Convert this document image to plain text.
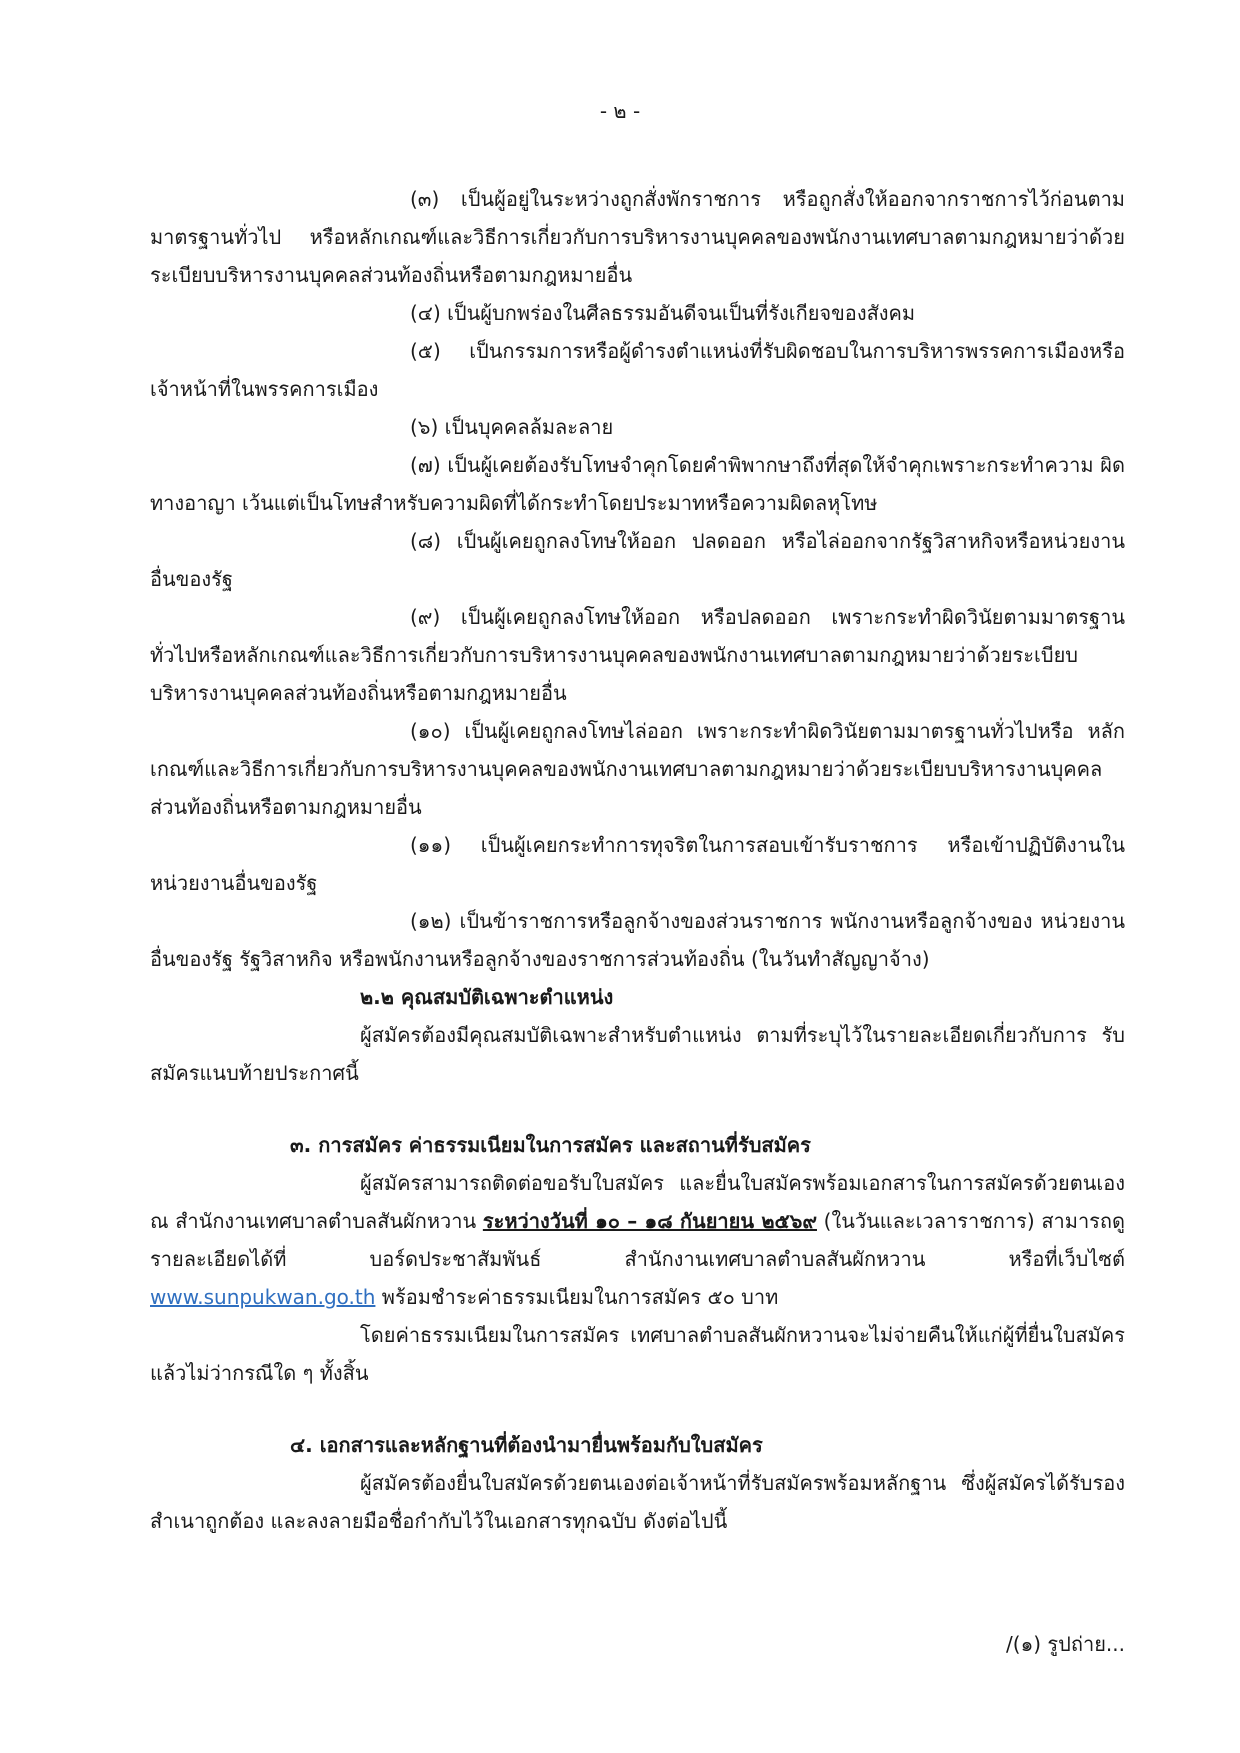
- ๒ -

(๓) เป็นผู้อยู่ในระหว่างถูกสั่งพักราชการ หรือถูกสั่งให้ออกจากราชการไว้ก่อนตาม มาตรฐานทั่วไป หรือหลักเกณฑ์และวิธีการเกี่ยวกับการบริหารงานบุคคลของพนักงานเทศบาลตามกฎหมายว่าด้วยระเบียบบริหารงานบุคคลส่วนท้องถิ่นหรือตามกฎหมายอื่น

(๔) เป็นผู้บกพร่องในศีลธรรมอันดีจนเป็นที่รังเกียจของสังคม

(๕) เป็นกรรมการหรือผู้ดำรงตำแหน่งที่รับผิดชอบในการบริหารพรรคการเมืองหรือ เจ้าหน้าที่ในพรรคการเมือง

(๖) เป็นบุคคลล้มละลาย

(๗) เป็นผู้เคยต้องรับโทษจำคุกโดยคำพิพากษาถึงที่สุดให้จำคุกเพราะกระทำความ ผิดทางอาญา เว้นแต่เป็นโทษสำหรับความผิดที่ได้กระทำโดยประมาทหรือความผิดลหุโทษ

(๘) เป็นผู้เคยถูกลงโทษให้ออก ปลดออก หรือไล่ออกจากรัฐวิสาหกิจหรือหน่วยงาน อื่นของรัฐ

(๙) เป็นผู้เคยถูกลงโทษให้ออก หรือปลดออก เพราะกระทำผิดวินัยตามมาตรฐาน ทั่วไปหรือหลักเกณฑ์และวิธีการเกี่ยวกับการบริหารงานบุคคลของพนักงานเทศบาลตามกฎหมายว่าด้วยระเบียบบริหารงานบุคคลส่วนท้องถิ่นหรือตามกฎหมายอื่น

(๑๐) เป็นผู้เคยถูกลงโทษไล่ออก เพราะกระทำผิดวินัยตามมาตรฐานทั่วไปหรือ หลักเกณฑ์และวิธีการเกี่ยวกับการบริหารงานบุคคลของพนักงานเทศบาลตามกฎหมายว่าด้วยระเบียบบริหารงานบุคคลส่วนท้องถิ่นหรือตามกฎหมายอื่น

(๑๑) เป็นผู้เคยกระทำการทุจริตในการสอบเข้ารับราชการ หรือเข้าปฏิบัติงานใน หน่วยงานอื่นของรัฐ

(๑๒) เป็นข้าราชการหรือลูกจ้างของส่วนราชการ พนักงานหรือลูกจ้างของ หน่วยงานอื่นของรัฐ รัฐวิสาหกิจ หรือพนักงานหรือลูกจ้างของราชการส่วนท้องถิ่น (ในวันทำสัญญาจ้าง)

๒.๒ คุณสมบัติเฉพาะตำแหน่ง

ผู้สมัครต้องมีคุณสมบัติเฉพาะสำหรับตำแหน่ง ตามที่ระบุไว้ในรายละเอียดเกี่ยวกับการ รับสมัครแนบท้ายประกาศนี้

๓. การสมัคร ค่าธรรมเนียมในการสมัคร และสถานที่รับสมัคร

ผู้สมัครสามารถติดต่อขอรับใบสมัคร และยื่นใบสมัครพร้อมเอกสารในการสมัครด้วยตนเอง ณ สำนักงานเทศบาลตำบลสันผักหวาน ระหว่างวันที่ ๑๐ – ๑๘ กันยายน ๒๕๖๙ (ในวันและเวลาราชการ) สามารถดูรายละเอียดได้ที่ บอร์ดประชาสัมพันธ์ สำนักงานเทศบาลตำบลสันผักหวาน หรือที่เว็บไซต์ www.sunpukwan.go.th พร้อมชำระค่าธรรมเนียมในการสมัคร ๕๐ บาท

โดยค่าธรรมเนียมในการสมัคร เทศบาลตำบลสันผักหวานจะไม่จ่ายคืนให้แก่ผู้ที่ยื่นใบสมัครแล้วไม่ว่ากรณีใด ๆ ทั้งสิ้น

๔. เอกสารและหลักฐานที่ต้องนำมายื่นพร้อมกับใบสมัคร

ผู้สมัครต้องยื่นใบสมัครด้วยตนเองต่อเจ้าหน้าที่รับสมัครพร้อมหลักฐาน ซึ่งผู้สมัครได้รับรองสำเนาถูกต้อง และลงลายมือชื่อกำกับไว้ในเอกสารทุกฉบับ ดังต่อไปนี้

/(๑) รูปถ่าย...
